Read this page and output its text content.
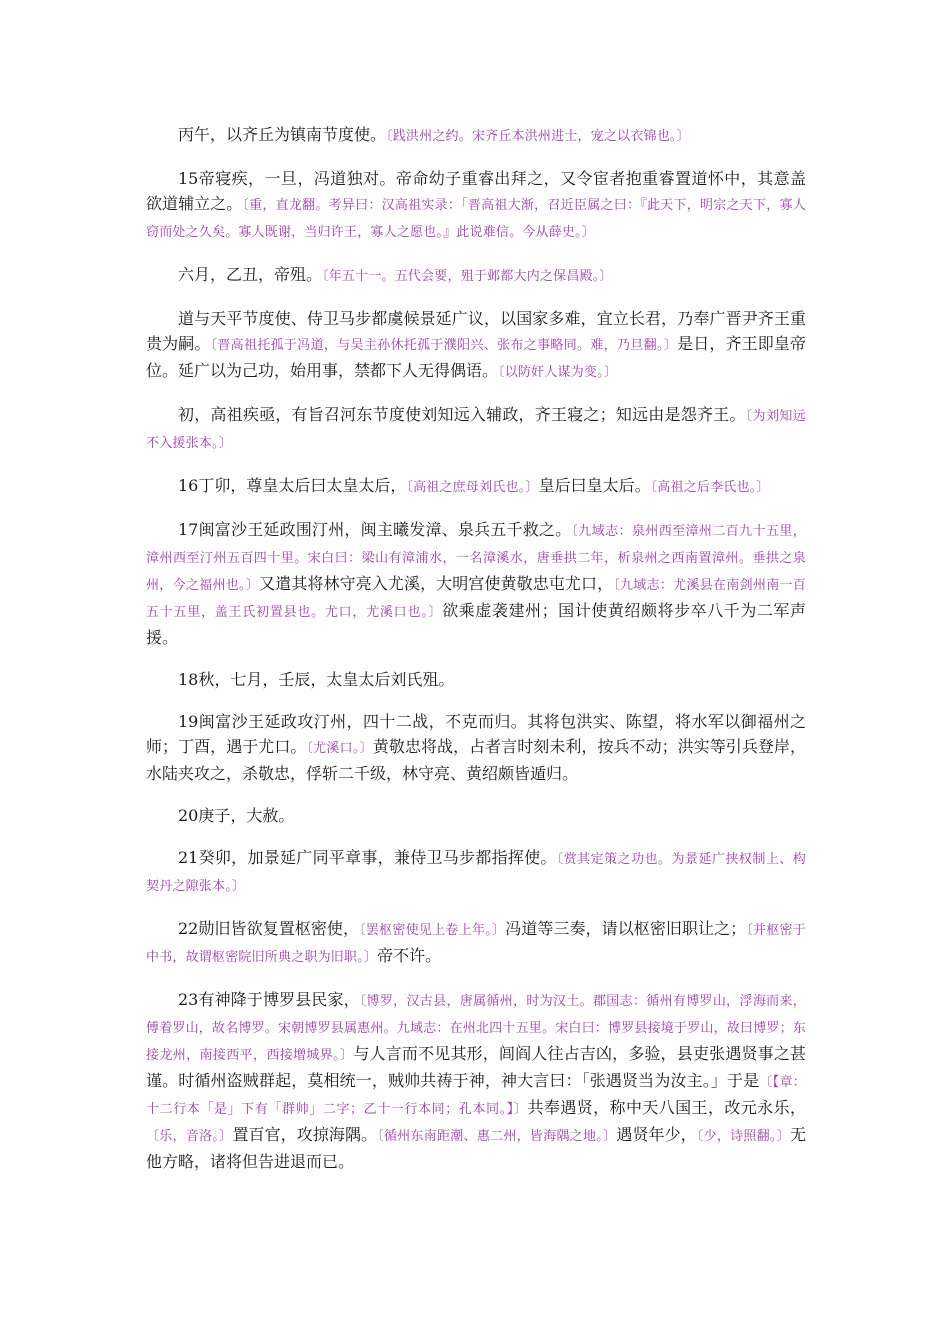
丙午，以齐丘为镇南节度使。〔践洪州之约。宋齐丘本洪州进士，宠之以衣锦也。〕

15帝寝疾，一旦，冯道独对。帝命幼子重睿出拜之，又令宦者抱重睿置道怀中，其意盖欲道辅立之。〔重，直龙翻。考异曰：汉高祖实录：「晋高祖大渐，召近臣属之曰：『此天下，明宗之天下，寡人窃而处之久矣。寡人既谢，当归许王，寡人之愿也。』此说难信。今从薛史。〕

六月，乙丑，帝殂。〔年五十一。五代会要，殂于邺都大内之保昌殿。〕

道与天平节度使、侍卫马步都虞候景延广议，以国家多难，宜立长君，乃奉广晋尹齐王重贵为嗣。〔晋高祖托孤于冯道，与吴主孙休托孤于濮阳兴、张布之事略同。难，乃旦翻。〕是日，齐王即皇帝位。延广以为己功，始用事，禁都下人无得偶语。〔以防奸人谋为变。〕

初，高祖疾亟，有旨召河东节度使刘知远入辅政，齐王寝之；知远由是怨齐王。〔为刘知远不入援张本。〕

16丁卯，尊皇太后曰太皇太后，〔高祖之庶母刘氏也。〕皇后曰皇太后。〔高祖之后李氏也。〕

17闽富沙王延政围汀州，闽主曦发漳、泉兵五千救之。〔九域志：泉州西至漳州二百九十五里，漳州西至汀州五百四十里。宋白曰：梁山有漳浦水，一名漳溪水，唐垂拱二年，析泉州之西南置漳州。垂拱之泉州，今之福州也。〕又遣其将林守亮入尤溪，大明宫使黄敬忠屯尤口，〔九域志：尤溪县在南剑州南一百五十五里，盖王氏初置县也。尤口，尤溪口也。〕欲乘虚袭建州；国计使黄绍颇将步卒八千为二军声援。

18秋，七月，壬辰，太皇太后刘氏殂。

19闽富沙王延政攻汀州，四十二战，不克而归。其将包洪实、陈望，将水军以御福州之师；丁酉，遇于尤口。〔尤溪口。〕黄敬忠将战，占者言时刻未利，按兵不动；洪实等引兵登岸，水陆夹攻之，杀敬忠，俘斩二千级，林守亮、黄绍颇皆遁归。

20庚子，大赦。

21癸卯，加景延广同平章事，兼侍卫马步都指挥使。〔赏其定策之功也。为景延广挟权制上、构契丹之隙张本。〕

22勋旧皆欲复置枢密使，〔罢枢密使见上卷上年。〕冯道等三奏，请以枢密旧职让之；〔并枢密于中书，故谓枢密院旧所典之职为旧职。〕帝不许。

23有神降于博罗县民家，〔博罗，汉古县，唐属循州，时为汉土。郡国志：循州有博罗山，浮海而来，傅着罗山，故名博罗。宋朝博罗县属惠州。九域志：在州北四十五里。宋白曰：博罗县接境于罗山，故曰博罗；东接龙州，南接西平，西接增城界。〕与人言而不见其形，闾阎人往占吉凶，多验，县吏张遇贤事之甚谨。时循州盗贼群起，莫相统一，贼帅共祷于神，神大言曰：「张遇贤当为汝主。」于是〔【章：十二行本「是」下有「群帅」二字；乙十一行本同；孔本同。】〕共奉遇贤，称中天八国王，改元永乐，〔乐，音洛。〕置百官，攻掠海隅。〔循州东南距潮、惠二州，皆海隅之地。〕遇贤年少，〔少，诗照翻。〕无他方略，诸将但告进退而已。
